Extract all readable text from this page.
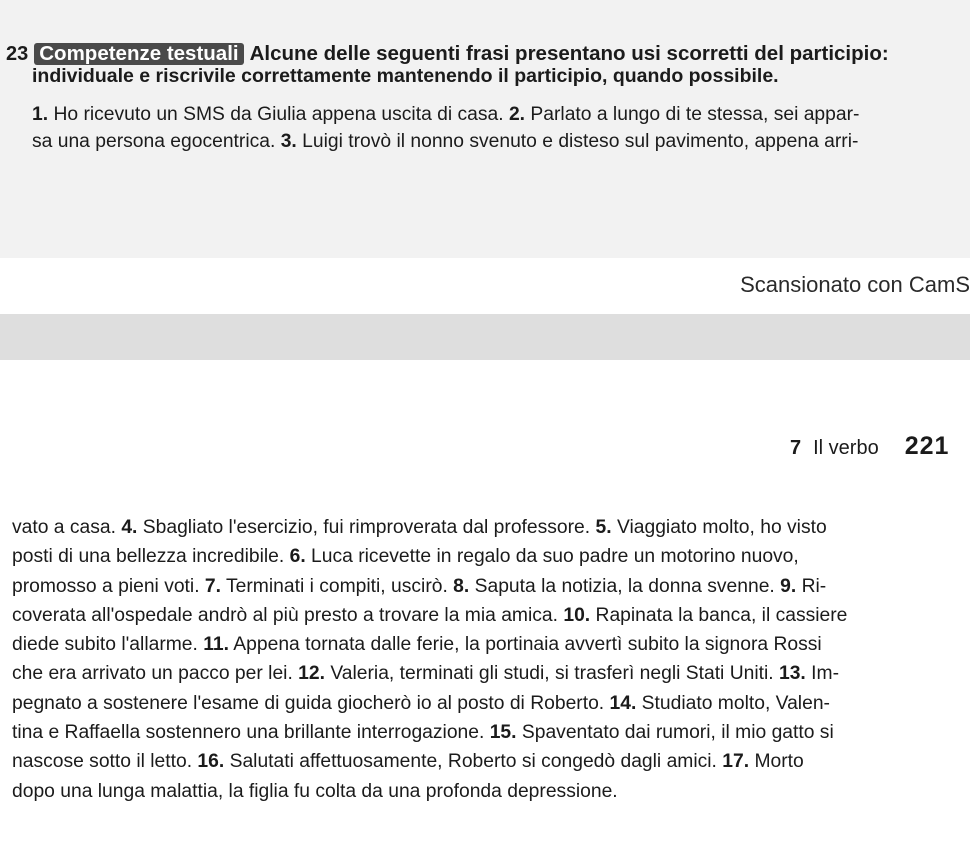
23 Competenze testuali Alcune delle seguenti frasi presentano usi scorretti del participio:
individuale e riscrivile correttamente mantenendo il participio, quando possibile.
1. Ho ricevuto un SMS da Giulia appena uscita di casa. 2. Parlato a lungo di te stessa, sei appar-
sa una persona egocentrica. 3. Luigi trovò il nonno svenuto e disteso sul pavimento, appena arri-
Scansionato con CamS
7 Il verbo 221
vato a casa. 4. Sbagliato l'esercizio, fui rimproverata dal professore. 5. Viaggiato molto, ho visto
posti di una bellezza incredibile. 6. Luca ricevette in regalo da suo padre un motorino nuovo,
promosso a pieni voti. 7. Terminati i compiti, uscirò. 8. Saputa la notizia, la donna svenne. 9. Ri-
coverata all'ospedale andrò al più presto a trovare la mia amica. 10. Rapinata la banca, il cassiere
diede subito l'allarme. 11. Appena tornata dalle ferie, la portinaia avvertì subito la signora Rossi
che era arrivato un pacco per lei. 12. Valeria, terminati gli studi, si trasferì negli Stati Uniti. 13. Im-
pegnato a sostenere l'esame di guida giocherò io al posto di Roberto. 14. Studiato molto, Valen-
tina e Raffaella sostennero una brillante interrogazione. 15. Spaventato dai rumori, il mio gatto si
nascose sotto il letto. 16. Salutati affettuosamente, Roberto si congedò dagli amici. 17. Morto
dopo una lunga malattia, la figlia fu colta da una profonda depressione.
